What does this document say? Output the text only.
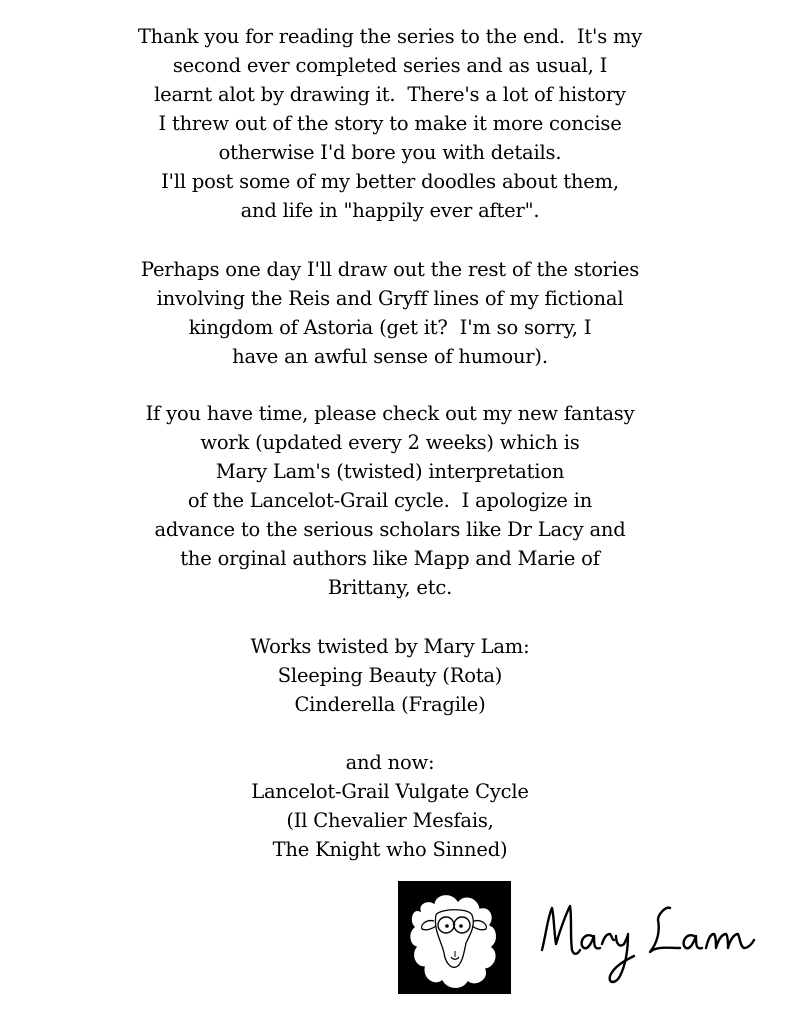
Thank you for reading the series to the end.  It's my
second ever completed series and as usual, I
learnt alot by drawing it.  There's a lot of history
I threw out of the story to make it more concise
otherwise I'd bore you with details.
I'll post some of my better doodles about them,
and life in "happily ever after".
Perhaps one day I'll draw out the rest of the stories
involving the Reis and Gryff lines of my fictional
kingdom of Astoria (get it?  I'm so sorry, I
have an awful sense of humour).
If you have time, please check out my new fantasy
work (updated every 2 weeks) which is
Mary Lam's (twisted) interpretation
of the Lancelot-Grail cycle.  I apologize in
advance to the serious scholars like Dr Lacy and
the orginal authors like Mapp and Marie of
Brittany, etc.
Works twisted by Mary Lam:
Sleeping Beauty (Rota)
Cinderella (Fragile)
and now:
Lancelot-Grail Vulgate Cycle
(Il Chevalier Mesfais,
The Knight who Sinned)
